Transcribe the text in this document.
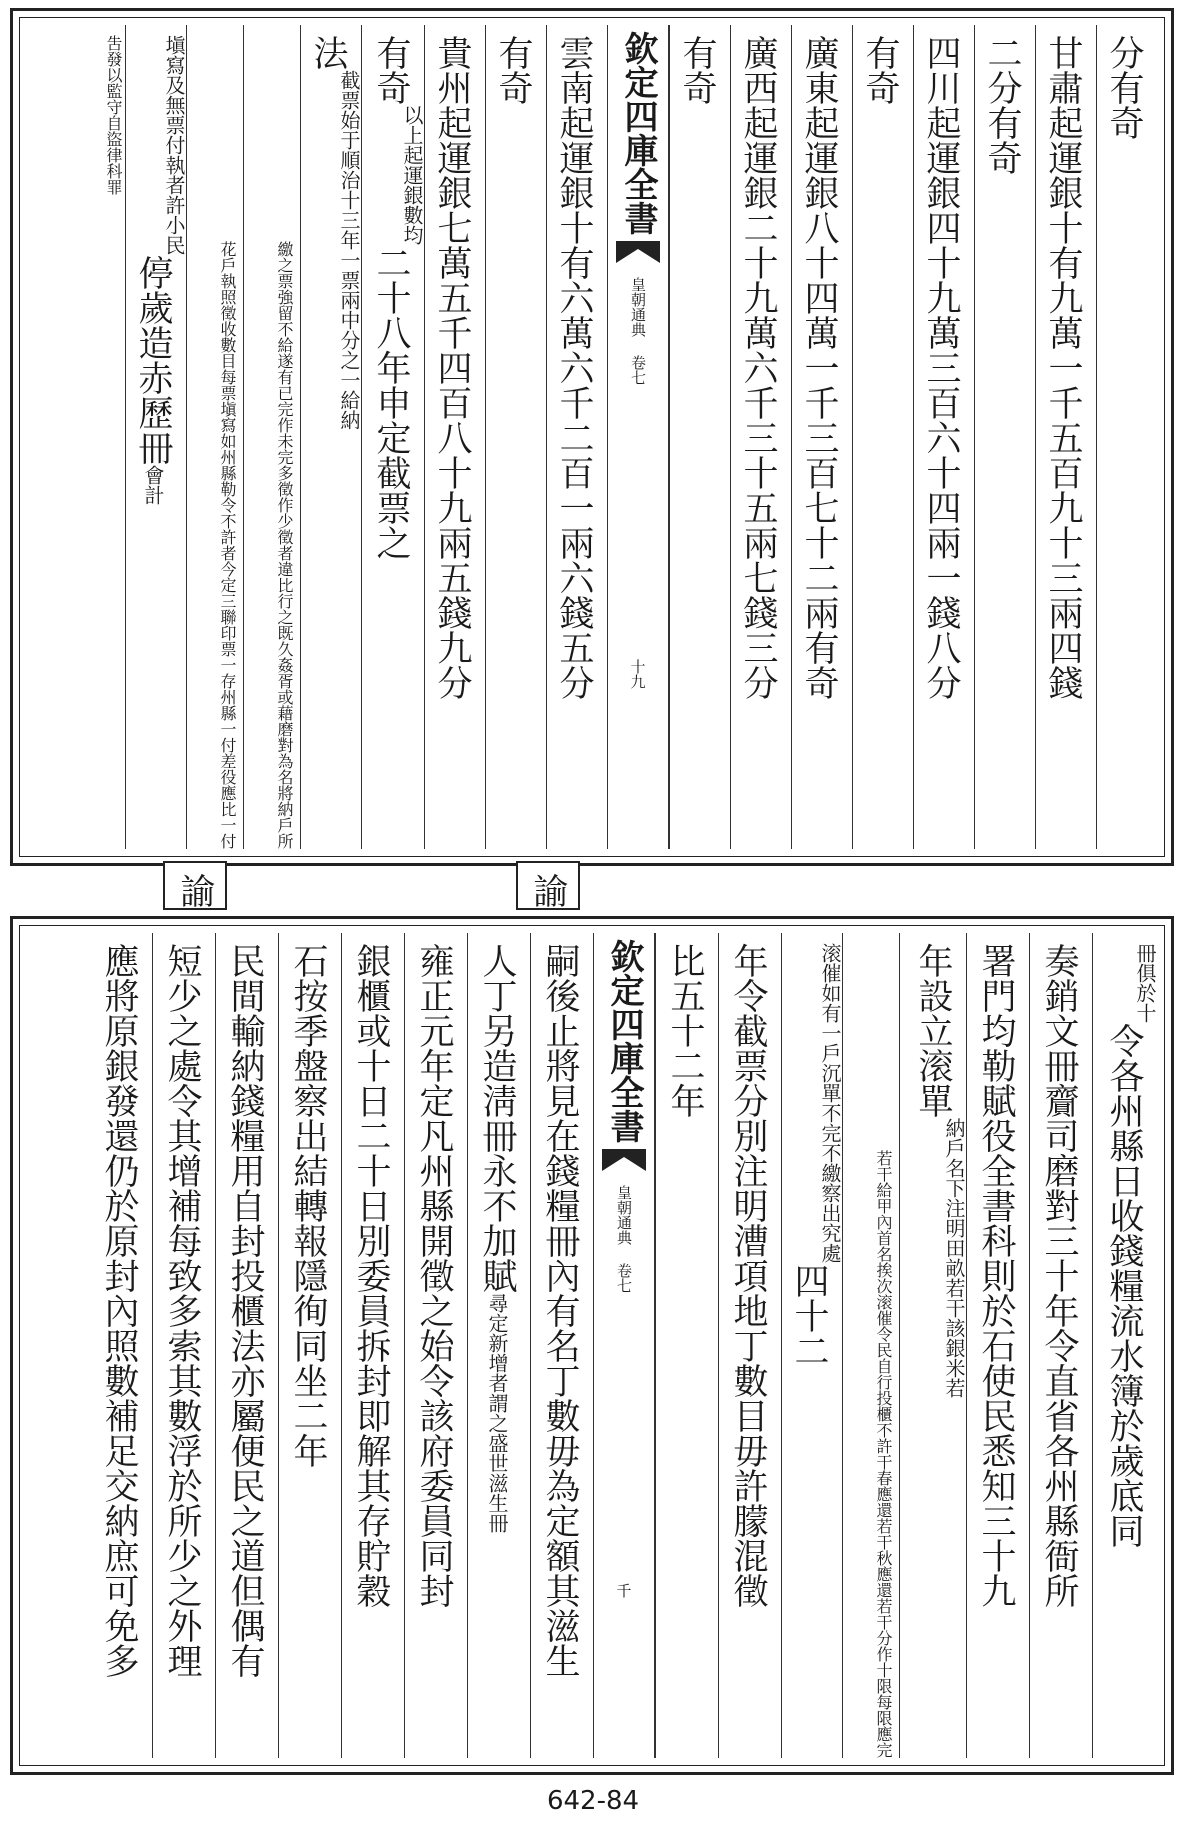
分有奇
甘肅起運銀十有九萬一千五百九十三兩四錢
二分有奇
四川起運銀四十九萬三百六十四兩一錢八分
有奇
廣東起運銀八十四萬一千三百七十二兩有奇
廣西起運銀二十九萬六千三十五兩七錢三分
有奇
欽定四庫全書
皇朝通典 卷七
十九
雲南起運銀十有六萬六千二百一兩六錢五分
有奇
貴州起運銀七萬五千四百八十九兩五錢九分
有奇以上起運銀數均二十八年申定截票之
法截票始于順治十三年一票兩中分之一給納
者違比行之既久姦胥或藉磨對為名將納戶所
繳之票強留不給遂有已完作未完多徵作少徵
者今定三聯印票一存州縣一付差役應比一付
花戶執照徵收數目每票塡寫如州縣勒令不許
塡寫及無票付執者許小民停歲造赤歷冊會計
吿發以監守自盜律科罪
諭	諭
冊俱於十令各州縣日收錢糧流水簿於歲底同
奏銷文冊齎司磨對三十年令直省各州縣衙所
署門均勒賦役全書科則於石使民悉知三十九
年設立滚單納戶名下注明田畝若干該銀米若
干春應還若干秋應還若干分作十限每限應完
若干給甲內首名挨次滚催令民自行投櫃不許
滚催如有一戶沉單不完不繳察出究處四十二
年令截票分別注明漕項地丁數目毋許朦混徵
比五十二年
欽定四庫全書
皇朝通典 卷七
千
嗣後止將見在錢糧冊內有名丁數毋為定額其滋生
人丁另造淸冊永不加賦尋定新增者謂之盛世滋生冊
雍正元年定凡州縣開徵之始令該府委員同封
銀櫃或十日二十日別委員拆封即解其存貯穀
石按季盤察出結轉報隱徇同坐二年
民間輸納錢糧用自封投櫃法亦屬便民之道但偶有
短少之處令其增補每致多索其數浮於所少之外理
應將原銀發還仍於原封內照數補足交納庶可免多
642-84
